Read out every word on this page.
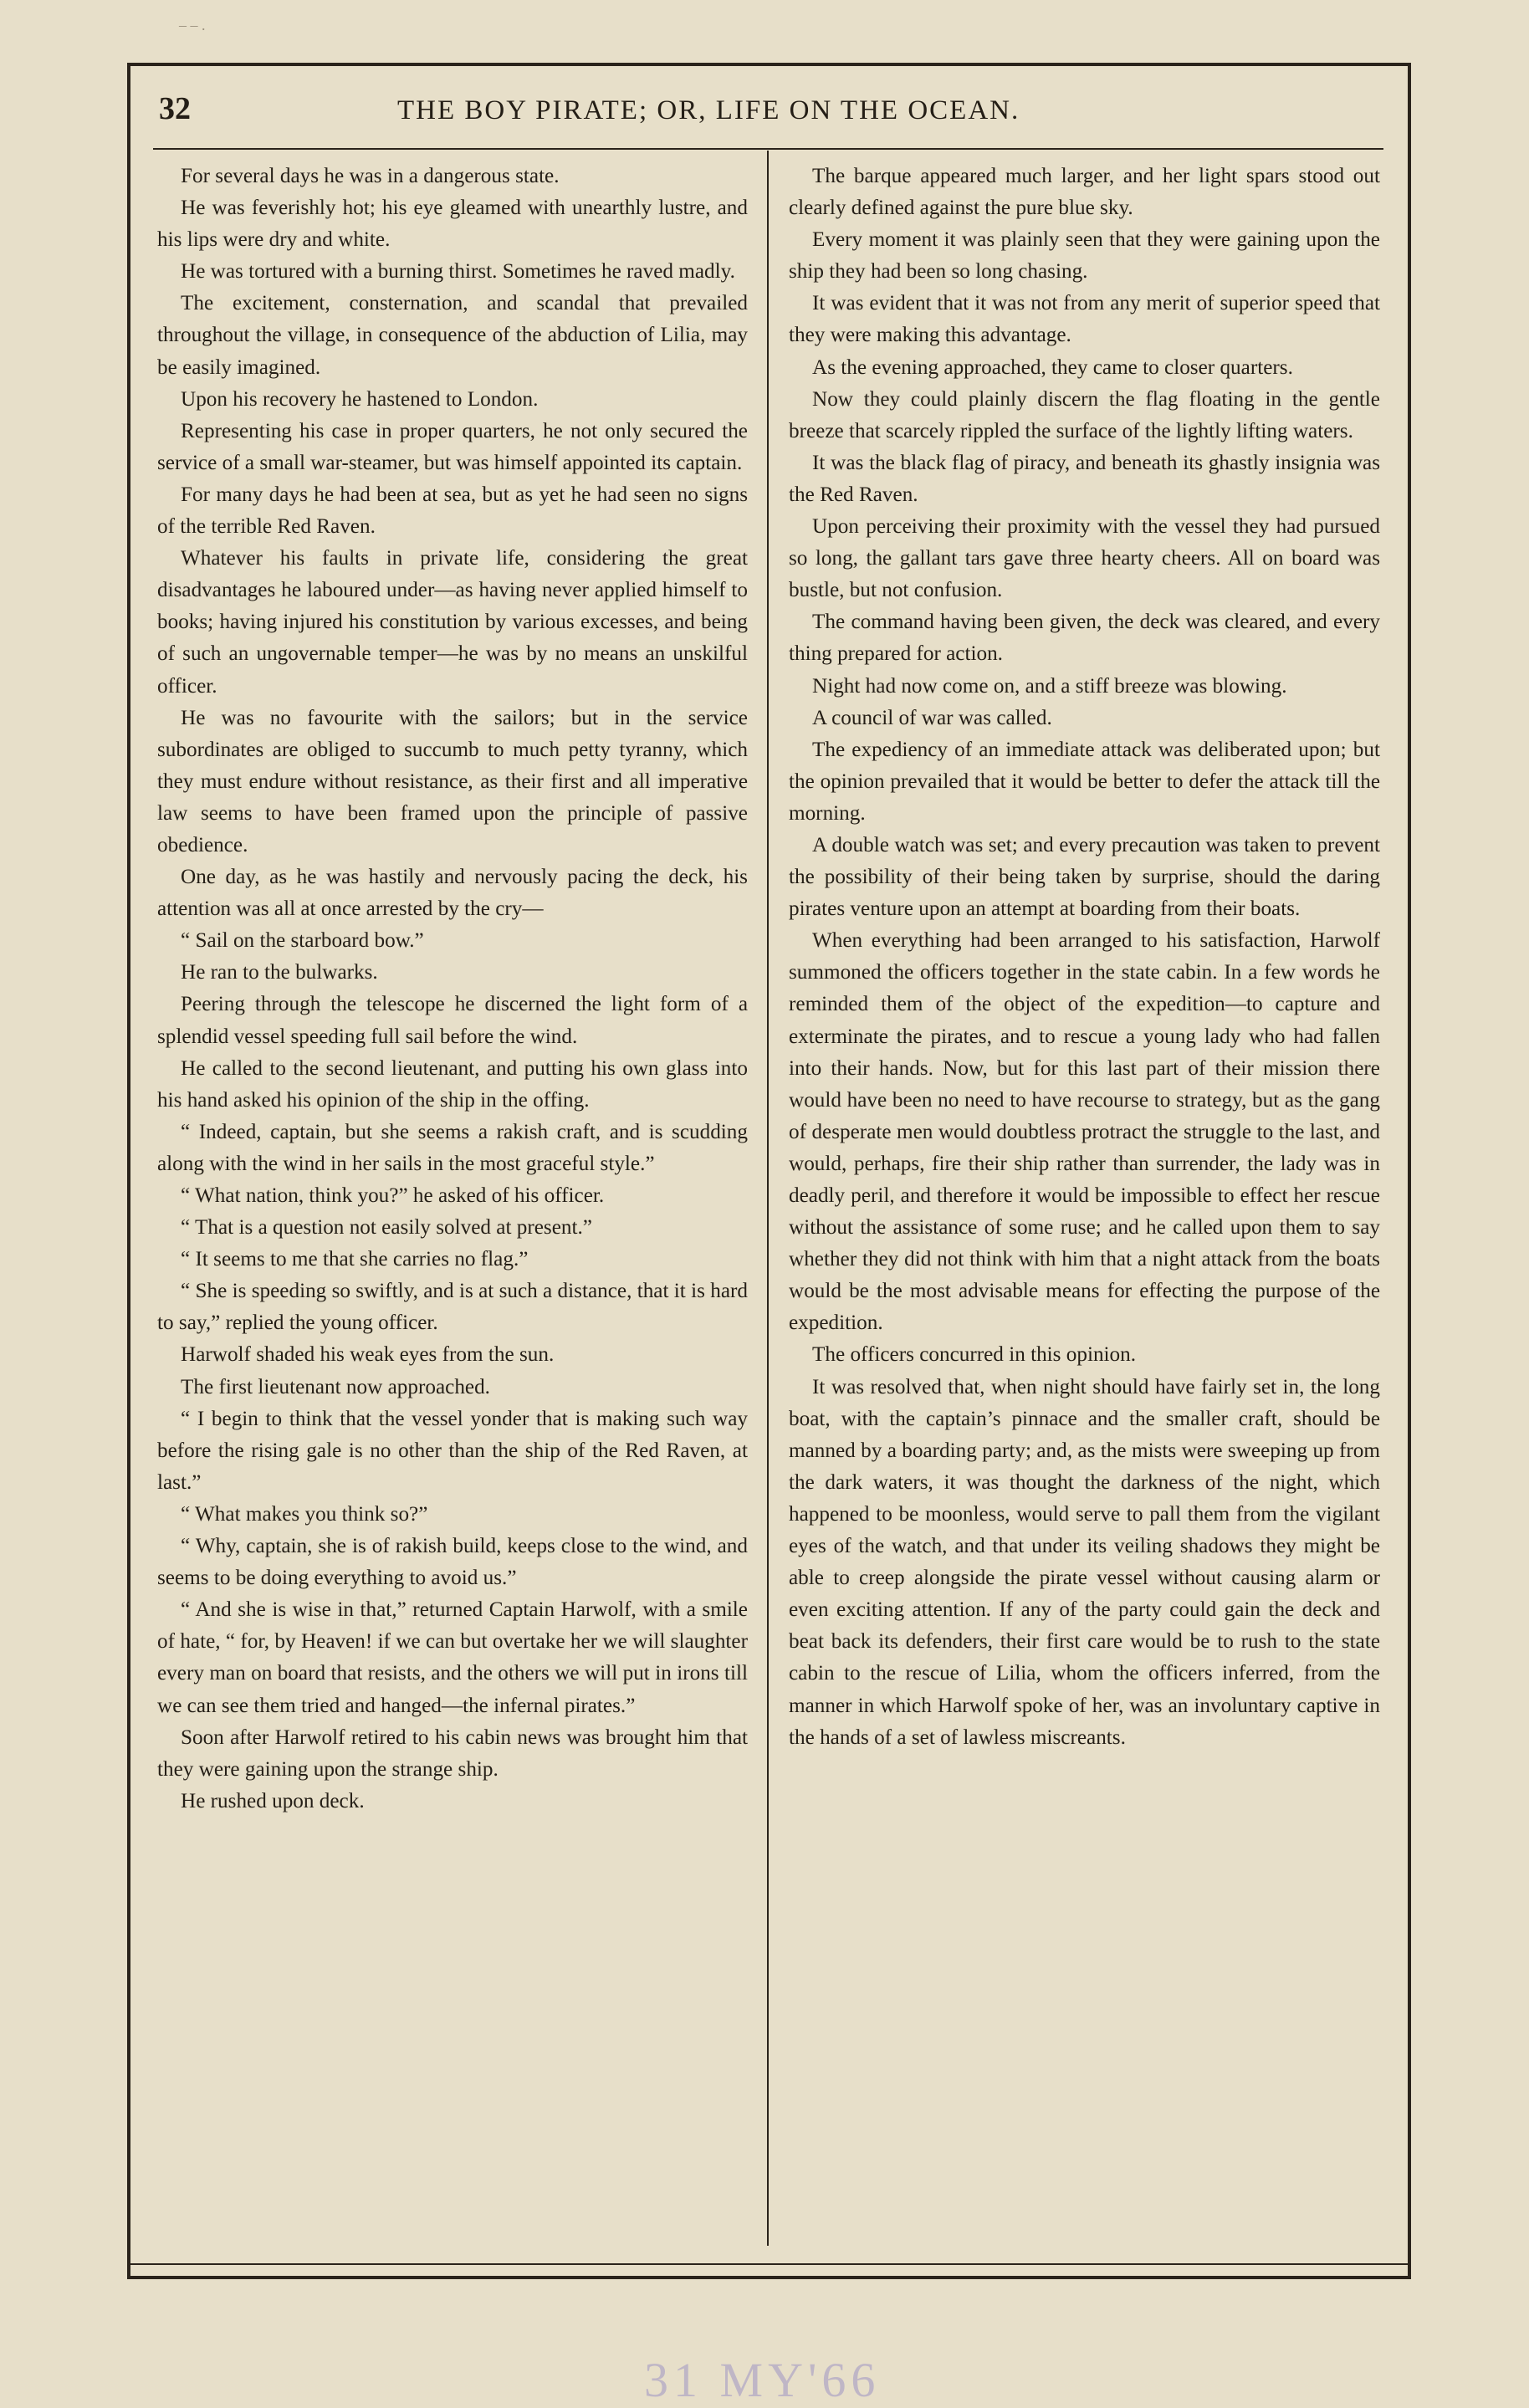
– – .
32	THE BOY PIRATE; OR, LIFE ON THE OCEAN.

For several days he was in a dangerous state.

He was feverishly hot; his eye gleamed with unearthly lustre, and his lips were dry and white.

He was tortured with a burning thirst. Sometimes he raved madly.

The excitement, consternation, and scandal that prevailed throughout the village, in consequence of the abduction of Lilia, may be easily imagined.

Upon his recovery he hastened to London.

Representing his case in proper quarters, he not only secured the service of a small war-steamer, but was himself appointed its captain.

For many days he had been at sea, but as yet he had seen no signs of the terrible Red Raven.

Whatever his faults in private life, considering the great disadvantages he laboured under—as having never applied himself to books; having injured his constitution by various excesses, and being of such an ungovernable temper—he was by no means an unskilful officer.

He was no favourite with the sailors; but in the service subordinates are obliged to succumb to much petty tyranny, which they must endure without resistance, as their first and all imperative law seems to have been framed upon the principle of passive obedience.

One day, as he was hastily and nervously pacing the deck, his attention was all at once arrested by the cry—

“ Sail on the starboard bow.”

He ran to the bulwarks.

Peering through the telescope he discerned the light form of a splendid vessel speeding full sail before the wind.

He called to the second lieutenant, and putting his own glass into his hand asked his opinion of the ship in the offing.

“ Indeed, captain, but she seems a rakish craft, and is scudding along with the wind in her sails in the most graceful style.”

“ What nation, think you?” he asked of his officer.

“ That is a question not easily solved at present.”

“ It seems to me that she carries no flag.”

“ She is speeding so swiftly, and is at such a distance, that it is hard to say,” replied the young officer.

Harwolf shaded his weak eyes from the sun.

The first lieutenant now approached.

“ I begin to think that the vessel yonder that is making such way before the rising gale is no other than the ship of the Red Raven, at last.”

“ What makes you think so?”

“ Why, captain, she is of rakish build, keeps close to the wind, and seems to be doing everything to avoid us.”

“ And she is wise in that,” returned Captain Harwolf, with a smile of hate, “ for, by Heaven! if we can but overtake her we will slaughter every man on board that resists, and the others we will put in irons till we can see them tried and hanged—the infernal pirates.”

Soon after Harwolf retired to his cabin news was brought him that they were gaining upon the strange ship.

He rushed upon deck.

The barque appeared much larger, and her light spars stood out clearly defined against the pure blue sky.

Every moment it was plainly seen that they were gaining upon the ship they had been so long chasing.

It was evident that it was not from any merit of superior speed that they were making this advantage.

As the evening approached, they came to closer quarters.

Now they could plainly discern the flag floating in the gentle breeze that scarcely rippled the surface of the lightly lifting waters.

It was the black flag of piracy, and beneath its ghastly insignia was the Red Raven.

Upon perceiving their proximity with the vessel they had pursued so long, the gallant tars gave three hearty cheers. All on board was bustle, but not confusion.

The command having been given, the deck was cleared, and every thing prepared for action.

Night had now come on, and a stiff breeze was blowing.

A council of war was called.

The expediency of an immediate attack was deliberated upon; but the opinion prevailed that it would be better to defer the attack till the morning.

A double watch was set; and every precaution was taken to prevent the possibility of their being taken by surprise, should the daring pirates venture upon an attempt at boarding from their boats.

When everything had been arranged to his satisfaction, Harwolf summoned the officers together in the state cabin. In a few words he reminded them of the object of the expedition—to capture and exterminate the pirates, and to rescue a young lady who had fallen into their hands. Now, but for this last part of their mission there would have been no need to have recourse to strategy, but as the gang of desperate men would doubtless protract the struggle to the last, and would, perhaps, fire their ship rather than surrender, the lady was in deadly peril, and therefore it would be impossible to effect her rescue without the assistance of some ruse; and he called upon them to say whether they did not think with him that a night attack from the boats would be the most advisable means for effecting the purpose of the expedition.

The officers concurred in this opinion.

It was resolved that, when night should have fairly set in, the long boat, with the captain’s pinnace and the smaller craft, should be manned by a boarding party; and, as the mists were sweeping up from the dark waters, it was thought the darkness of the night, which happened to be moonless, would serve to pall them from the vigilant eyes of the watch, and that under its veiling shadows they might be able to creep alongside the pirate vessel without causing alarm or even exciting attention. If any of the party could gain the deck and beat back its defenders, their first care would be to rush to the state cabin to the rescue of Lilia, whom the officers inferred, from the manner in which Harwolf spoke of her, was an involuntary captive in the hands of a set of lawless miscreants.

31 MY'66
